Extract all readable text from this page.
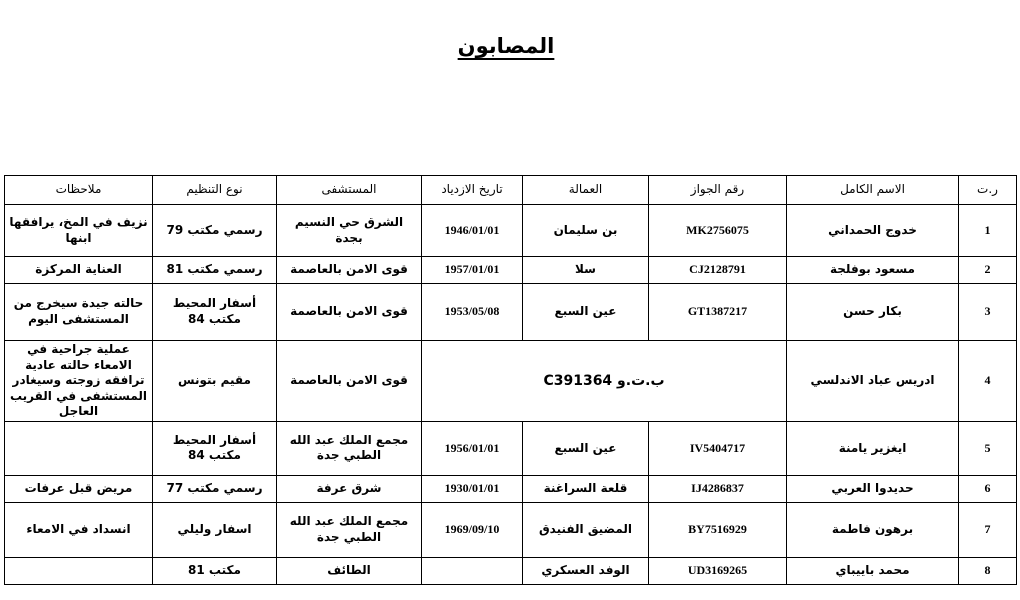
المصابون
ر.ت	الاسم الكامل	رقم الجواز	العمالة	تاريخ الازدياد	المستشفى	نوع التنظيم	ملاحظات
1	خدوج الحمداني	MK2756075	بن سليمان	1946/01/01	الشرق حي النسيم بجدة	رسمي مكتب 79	نزيف في المخ، يرافقها ابنها
2	مسعود بوفلجة	CJ2128791	سلا	1957/01/01	قوى الامن بالعاصمة	رسمي مكتب 81	العناية المركزة
3	بكار حسن	GT1387217	عين السبع	1953/05/08	قوى الامن بالعاصمة	أسفار المحيط مكتب 84	حالته جيدة سيخرج من المستشفى اليوم
4	ادريس عباد الاندلسي	ب.ت.و C391364			قوى الامن بالعاصمة	مقيم بتونس	عملية جراحية في الامعاء حالته عادية ترافقه زوجته وسيغادر المستشفى في القريب العاجل
5	ايغزير يامنة	IV5404717	عين السبع	1956/01/01	مجمع الملك عبد الله الطبي جدة	أسفار المحيط مكتب 84	
6	حديدوا العربي	IJ4286837	قلعة السراغنة	1930/01/01	شرق عرفة	رسمي مكتب 77	مريض قبل عرفات
7	برهون فاطمة	BY7516929	المضيق الفنيدق	1969/09/10	مجمع الملك عبد الله الطبي جدة	اسفار وليلي	انسداد في الامعاء
8	محمد باييباي	UD3169265	الوفد العسكري		الطائف	مكتب 81	
